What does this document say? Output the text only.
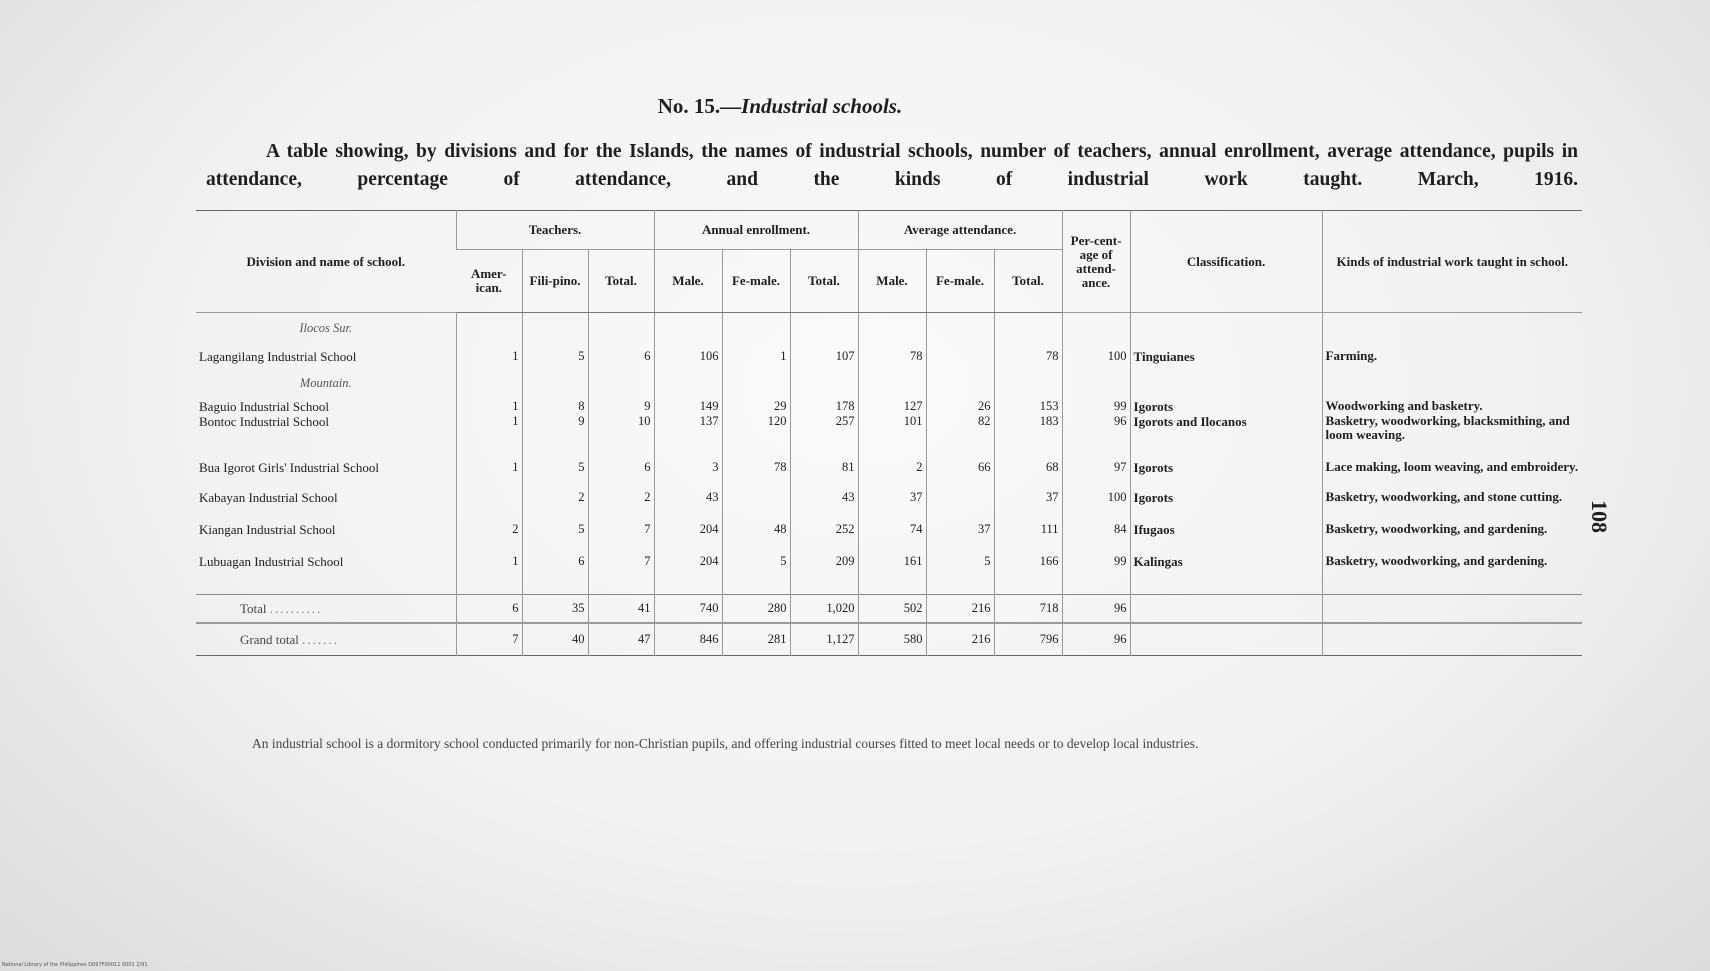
No. 15.—Industrial schools.
A table showing, by divisions and for the Islands, the names of industrial schools, number of teachers, annual enrollment, average attendance, pupils in attendance, percentage of attendance, and the kinds of industrial work taught. March, 1916.
Division and name of school.	Teachers.			Annual enrollment.			Average attendance.			Per-cent-age of attend-ance.	Classification.	Kinds of industrial work taught in school.
	Amer-ican.	Fili-pino.	Total.	Male.	Fe-male.	Total.	Male.	Fe-male.	Total.			

Ilocos Sur.												
Lagangilang Industrial School	1	5	6	106	1	107	78		78	100	Tinguianes	Farming.
Mountain.												

Baguio Industrial School	1	8	9	149	29	178	127	26	153	99	Igorots	Woodworking and basketry.
Bontoc Industrial School	1	9	10	137	120	257	101	82	183	96	Igorots and Ilocanos	Basketry, woodworking, blacksmithing, and loom weaving.
Bua Igorot Girls' Industrial School	1	5	6	3	78	81	2	66	68	97	Igorots	Lace making, loom weaving, and embroidery.
Kabayan Industrial School		2	2	43		43	37		37	100	Igorots	Basketry, woodworking, and stone cutting.
Kiangan Industrial School	2	5	7	204	48	252	74	37	111	84	Ifugaos	Basketry, woodworking, and gardening.
Lubuagan Industrial School	1	6	7	204	5	209	161	5	166	99	Kalingas	Basketry, woodworking, and gardening.
Total ..........	6	35	41	740	280	1,020	502	216	718	96		
Grand total .......	7	40	47	846	281	1,127	580	216	796	96		
An industrial school is a dormitory school conducted primarily for non-Christian pupils, and offering industrial courses fitted to meet local needs or to develop local industries.
108
National Library of the Philippines D097F00011 0001 2/91
